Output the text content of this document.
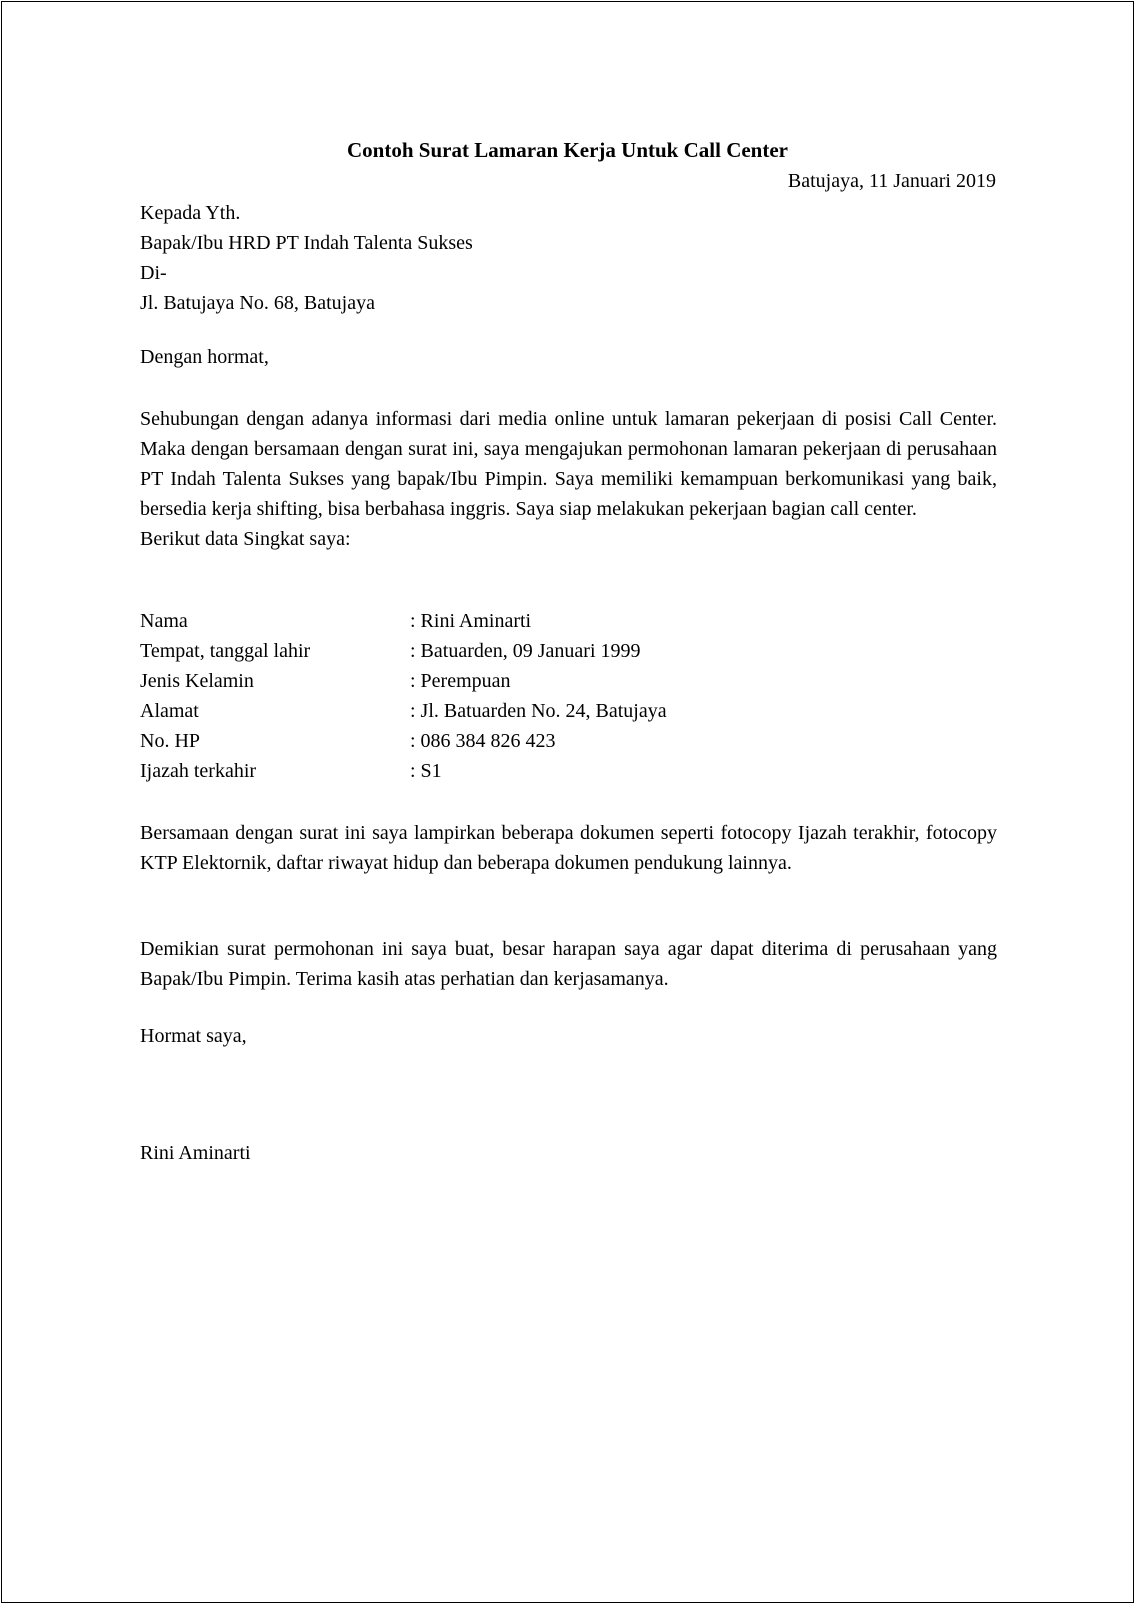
Contoh Surat Lamaran Kerja Untuk Call Center
Batujaya, 11 Januari 2019
Kepada Yth.
Bapak/Ibu HRD PT Indah Talenta Sukses
Di-
Jl. Batujaya No. 68, Batujaya
Dengan hormat,
Sehubungan dengan adanya informasi dari media online untuk lamaran pekerjaan di posisi Call Center. Maka dengan bersamaan dengan surat ini, saya mengajukan permohonan lamaran pekerjaan di perusahaan PT Indah Talenta Sukses yang bapak/Ibu Pimpin. Saya memiliki kemampuan berkomunikasi yang baik, bersedia kerja shifting, bisa berbahasa inggris. Saya siap melakukan pekerjaan bagian call center.
Berikut data Singkat saya:
Nama	: Rini Aminarti
Tempat, tanggal lahir	: Batuarden, 09 Januari 1999
Jenis Kelamin	: Perempuan
Alamat	: Jl. Batuarden No. 24, Batujaya
No. HP	: 086 384 826 423
Ijazah terkahir	: S1
Bersamaan dengan surat ini saya lampirkan beberapa dokumen seperti fotocopy Ijazah terakhir, fotocopy KTP Elektornik, daftar riwayat hidup dan beberapa dokumen pendukung lainnya.
Demikian surat permohonan ini saya buat, besar harapan saya agar dapat diterima di perusahaan yang Bapak/Ibu Pimpin. Terima kasih atas perhatian dan kerjasamanya.
Hormat saya,
Rini Aminarti
